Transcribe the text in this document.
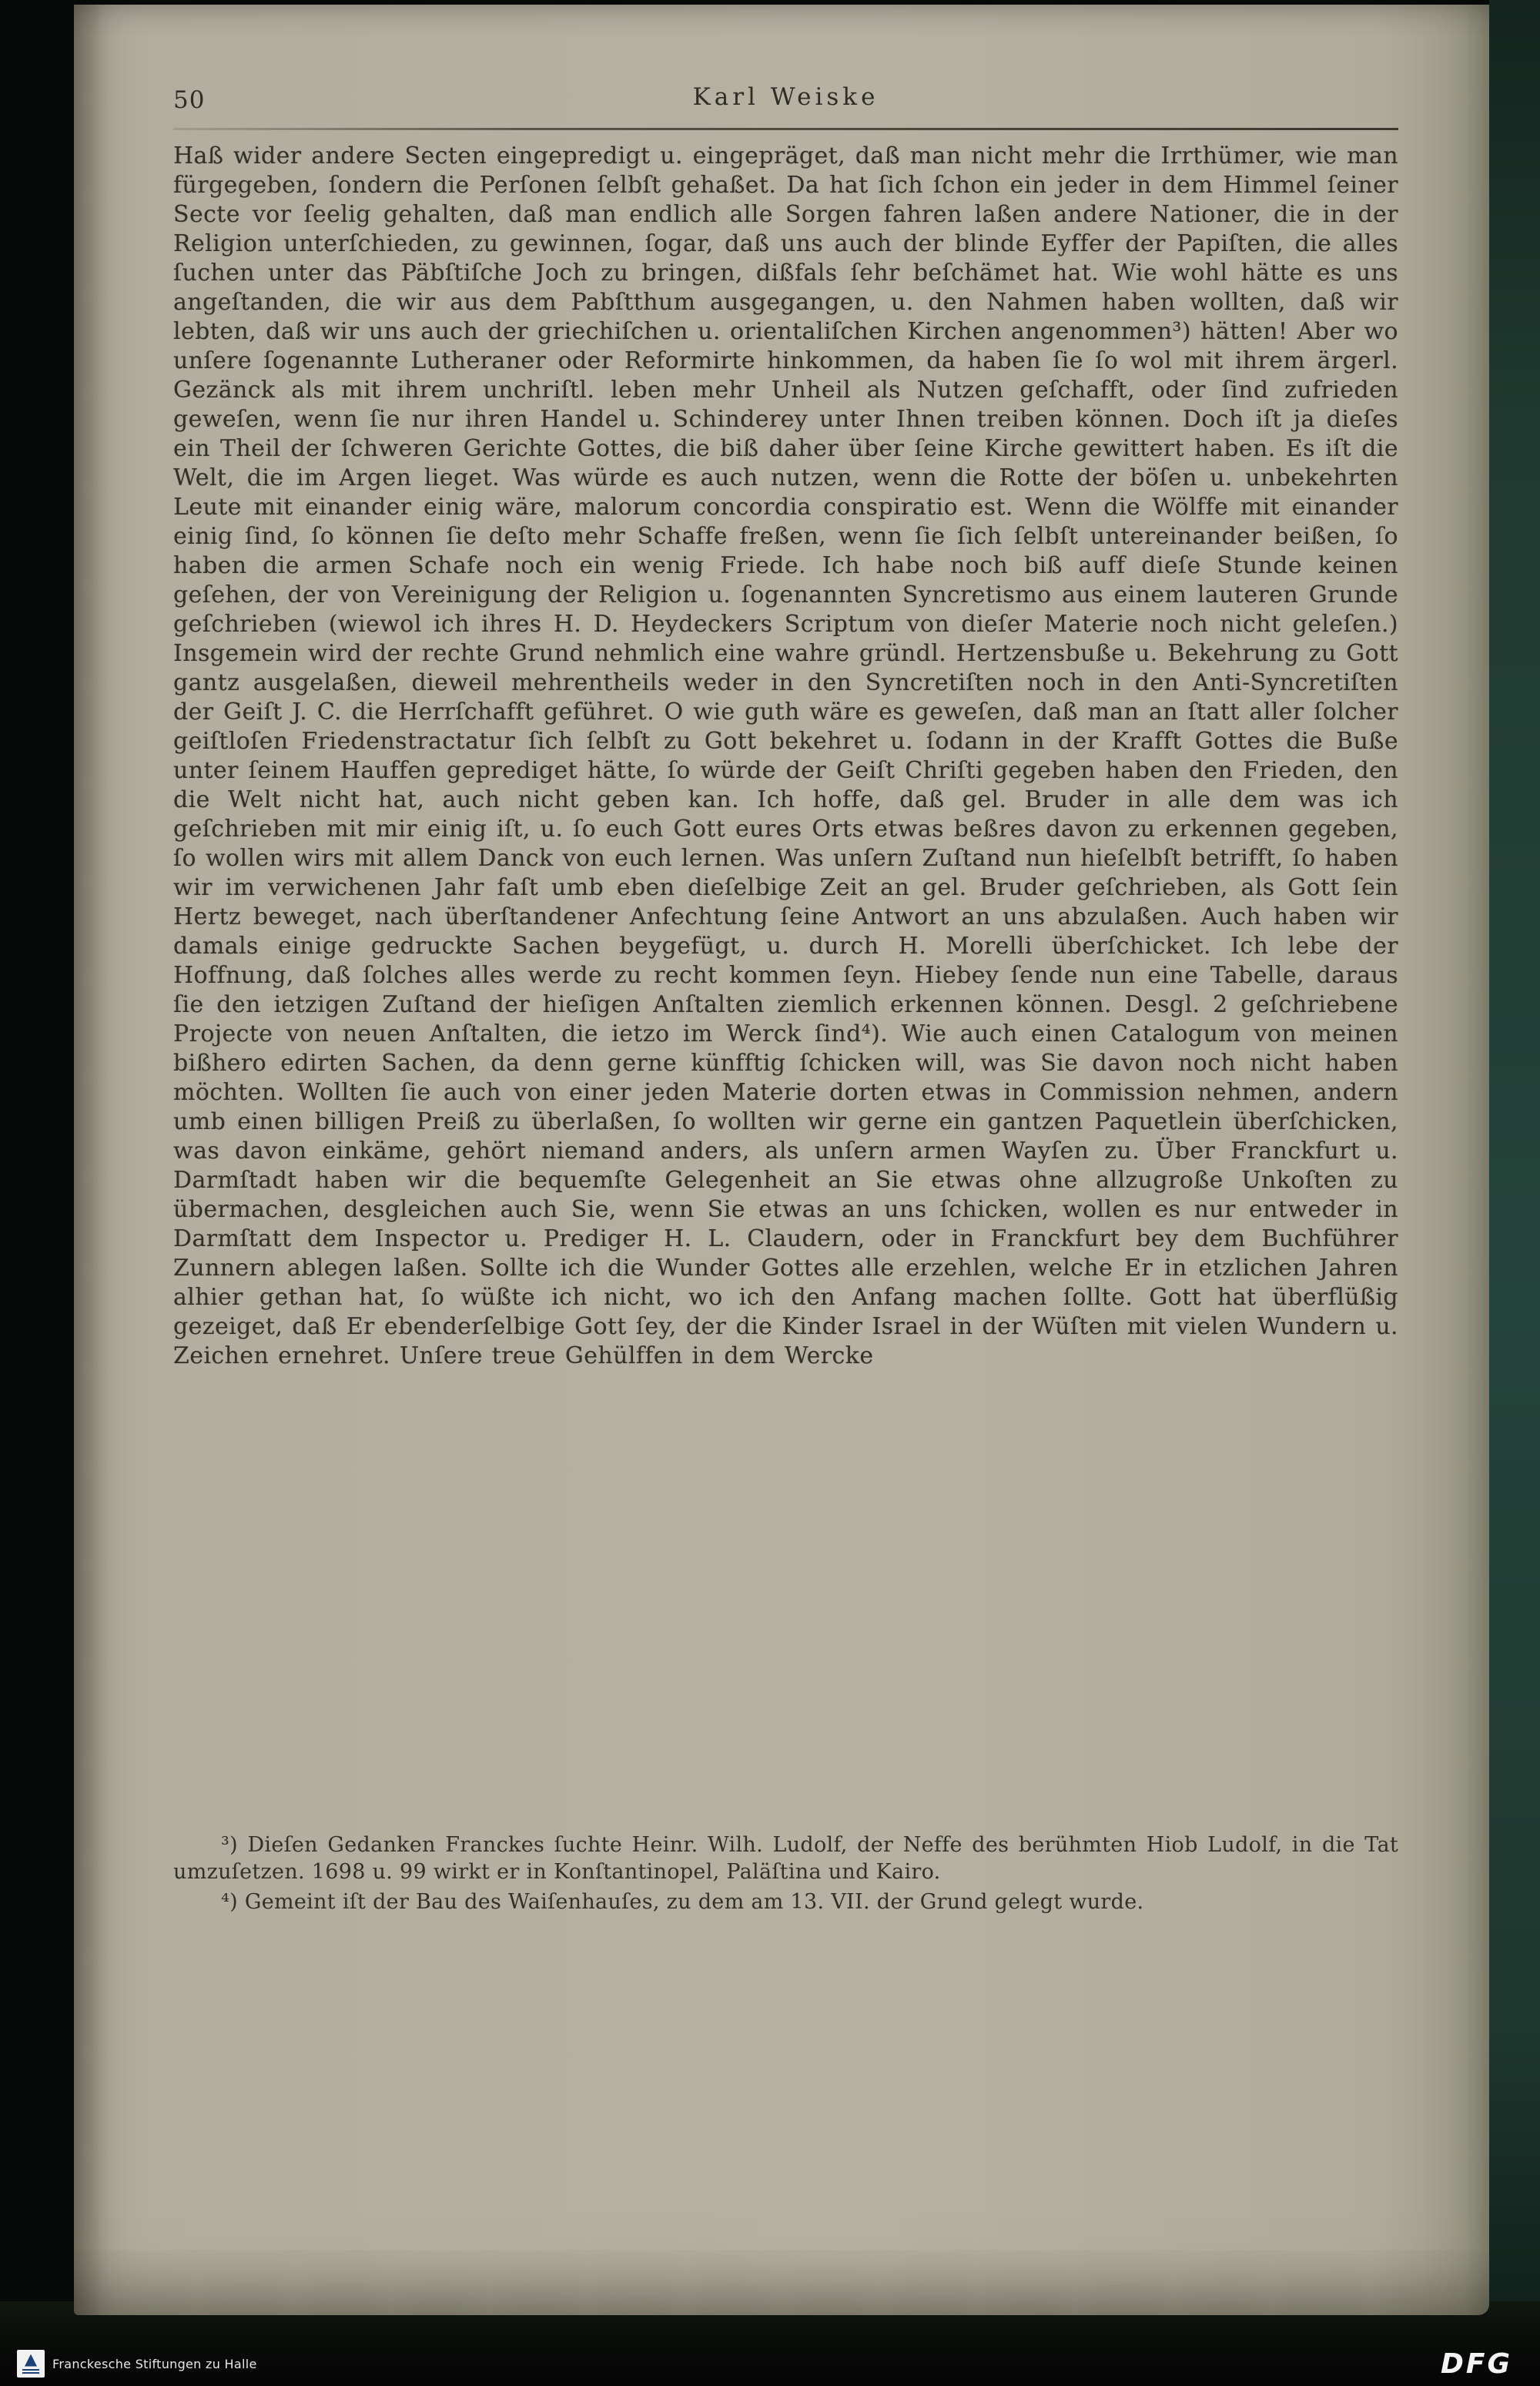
50	Karl Weiske
Haß wider andere Secten eingepredigt u. eingepräget, daß man nicht mehr die Irrthümer, wie man fürgegeben, ſondern die Perſonen ſelbſt gehaßet. Da hat ſich ſchon ein jeder in dem Himmel ſeiner Secte vor ſeelig gehalten, daß man endlich alle Sorgen fahren laßen andere Nationer, die in der Religion unterſchieden, zu gewinnen, ſogar, daß uns auch der blinde Eyffer der Papiſten, die alles ſuchen unter das Päbſtiſche Joch zu bringen, dißfals ſehr beſchämet hat. Wie wohl hätte es uns angeſtanden, die wir aus dem Pabſtthum ausgegangen, u. den Nahmen haben wollten, daß wir lebten, daß wir uns auch der griechiſchen u. orientaliſchen Kirchen angenommen³) hätten! Aber wo unſere ſogenannte Lutheraner oder Reformirte hinkommen, da haben ſie ſo wol mit ihrem ärgerl. Gezänck als mit ihrem unchriſtl. leben mehr Unheil als Nutzen geſchafft, oder ſind zufrieden geweſen, wenn ſie nur ihren Handel u. Schinderey unter Ihnen treiben können. Doch iſt ja dieſes ein Theil der ſchweren Gerichte Gottes, die biß daher über ſeine Kirche gewittert haben. Es iſt die Welt, die im Argen lieget. Was würde es auch nutzen, wenn die Rotte der böſen u. unbekehrten Leute mit einander einig wäre, malorum concordia conspiratio est. Wenn die Wölffe mit einander einig ſind, ſo können ſie deſto mehr Schaffe freßen, wenn ſie ſich ſelbſt untereinander beißen, ſo haben die armen Schafe noch ein wenig Friede. Ich habe noch biß auff dieſe Stunde keinen geſehen, der von Vereinigung der Religion u. ſogenannten Syncretismo aus einem lauteren Grunde geſchrieben (wiewol ich ihres H. D. Heydeckers Scriptum von dieſer Materie noch nicht geleſen.) Insgemein wird der rechte Grund nehmlich eine wahre gründl. Hertzensbuße u. Bekehrung zu Gott gantz ausgelaßen, dieweil mehrentheils weder in den Syncretiſten noch in den Anti-Syncretiſten der Geiſt J. C. die Herrſchafft geführet. O wie guth wäre es geweſen, daß man an ſtatt aller ſolcher geiſtloſen Friedenstractatur ſich ſelbſt zu Gott bekehret u. ſodann in der Krafft Gottes die Buße unter ſeinem Hauffen geprediget hätte, ſo würde der Geiſt Chriſti gegeben haben den Frieden, den die Welt nicht hat, auch nicht geben kan. Ich hoffe, daß gel. Bruder in alle dem was ich geſchrieben mit mir einig iſt, u. ſo euch Gott eures Orts etwas beßres davon zu erkennen gegeben, ſo wollen wirs mit allem Danck von euch lernen. Was unſern Zuſtand nun hieſelbſt betrifft, ſo haben wir im verwichenen Jahr faſt umb eben dieſelbige Zeit an gel. Bruder geſchrieben, als Gott ſein Hertz beweget, nach überſtandener Anfechtung ſeine Antwort an uns abzulaßen. Auch haben wir damals einige gedruckte Sachen beygefügt, u. durch H. Morelli überſchicket. Ich lebe der Hoffnung, daß ſolches alles werde zu recht kommen ſeyn. Hiebey ſende nun eine Tabelle, daraus ſie den ietzigen Zuſtand der hieſigen Anſtalten ziemlich erkennen können. Desgl. 2 geſchriebene Projecte von neuen Anſtalten, die ietzo im Werck ſind⁴). Wie auch einen Catalogum von meinen bißhero edirten Sachen, da denn gerne künfftig ſchicken will, was Sie davon noch nicht haben möchten. Wollten ſie auch von einer jeden Materie dorten etwas in Commission nehmen, andern umb einen billigen Preiß zu überlaßen, ſo wollten wir gerne ein gantzen Paquetlein überſchicken, was davon einkäme, gehört niemand anders, als unſern armen Wayſen zu. Über Franckfurt u. Darmſtadt haben wir die bequemſte Gelegenheit an Sie etwas ohne allzugroße Unkoſten zu übermachen, desgleichen auch Sie, wenn Sie etwas an uns ſchicken, wollen es nur entweder in Darmſtatt dem Inspector u. Prediger H. L. Claudern, oder in Franckfurt bey dem Buchführer Zunnern ablegen laßen. Sollte ich die Wunder Gottes alle erzehlen, welche Er in etzlichen Jahren alhier gethan hat, ſo wüßte ich nicht, wo ich den Anfang machen ſollte. Gott hat überflüßig gezeiget, daß Er ebenderſelbige Gott ſey, der die Kinder Israel in der Wüſten mit vielen Wundern u. Zeichen ernehret. Unſere treue Gehülffen in dem Wercke

³) Dieſen Gedanken Franckes ſuchte Heinr. Wilh. Ludolf, der Neffe des berühmten Hiob Ludolf, in die Tat umzuſetzen. 1698 u. 99 wirkt er in Konſtantinopel, Paläſtina und Kairo.

⁴) Gemeint iſt der Bau des Waiſenhauſes, zu dem am 13. VII. der Grund gelegt wurde.

Franckesche Stiftungen zu Halle	DFG
